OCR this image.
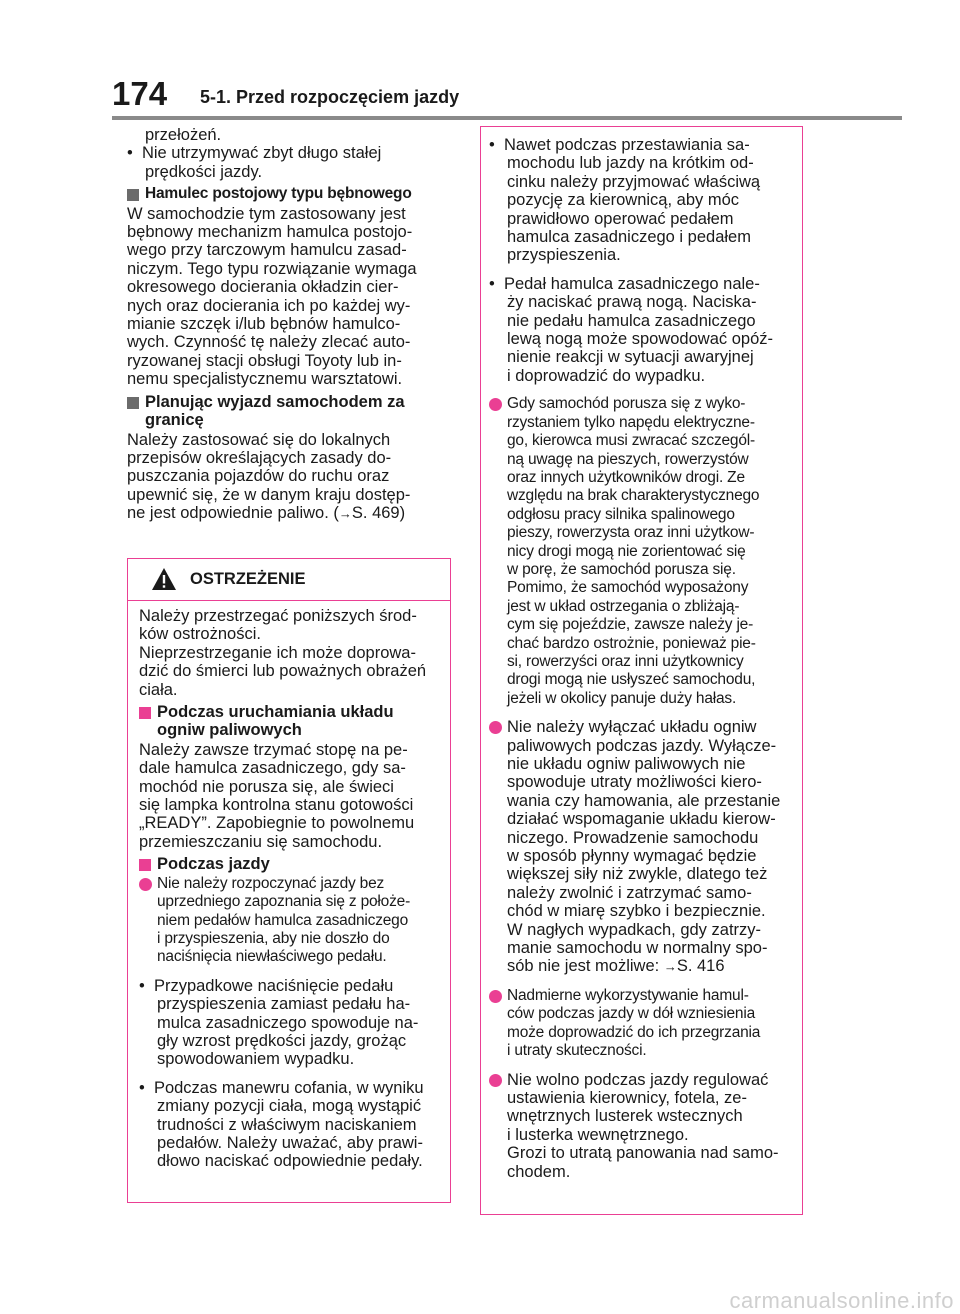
174 5-1. Przed rozpoczęciem jazdy
przełożeń.
•  Nie utrzymywać zbyt długo stałej
prędkości jazdy.
Hamulec postojowy typu bębnowego
W samochodzie tym zastosowany jest
bębnowy mechanizm hamulca postojo-
wego przy tarczowym hamulcu zasad-
niczym. Tego typu rozwiązanie wymaga
okresowego docierania okładzin cier-
nych oraz docierania ich po każdej wy-
mianie szczęk i/lub bębnów hamulco-
wych. Czynność tę należy zlecać auto-
ryzowanej stacji obsługi Toyoty lub in-
nemu specjalistycznemu warsztatowi.
Planując wyjazd samochodem za
granicę
Należy zastosować się do lokalnych
przepisów określających zasady do-
puszczania pojazdów do ruchu oraz
upewnić się, że w danym kraju dostęp-
ne jest odpowiednie paliwo. (→S. 469)
OSTRZEŻENIE
Należy przestrzegać poniższych środ-
ków ostrożności.
Nieprzestrzeganie ich może doprowa-
dzić do śmierci lub poważnych obrażeń
ciała.
Podczas uruchamiania układu
ogniw paliwowych
Należy zawsze trzymać stopę na pe-
dale hamulca zasadniczego, gdy sa-
mochód nie porusza się, ale świeci
się lampka kontrolna stanu gotowości
„READY”. Zapobiegnie to powolnemu
przemieszczaniu się samochodu.
Podczas jazdy
Nie należy rozpoczynać jazdy bez
uprzedniego zapoznania się z położe-
niem pedałów hamulca zasadniczego
i przyspieszenia, aby nie doszło do
naciśnięcia niewłaściwego pedału.
•  Przypadkowe naciśnięcie pedału
przyspieszenia zamiast pedału ha-
mulca zasadniczego spowoduje na-
gły wzrost prędkości jazdy, grożąc
spowodowaniem wypadku.
•  Podczas manewru cofania, w wyniku
zmiany pozycji ciała, mogą wystąpić
trudności z właściwym naciskaniem
pedałów. Należy uważać, aby prawi-
dłowo naciskać odpowiednie pedały.
•  Nawet podczas przestawiania sa-
mochodu lub jazdy na krótkim od-
cinku należy przyjmować właściwą
pozycję za kierownicą, aby móc
prawidłowo operować pedałem
hamulca zasadniczego i pedałem
przyspieszenia.
•  Pedał hamulca zasadniczego nale-
ży naciskać prawą nogą. Naciska-
nie pedału hamulca zasadniczego
lewą nogą może spowodować opóź-
nienie reakcji w sytuacji awaryjnej
i doprowadzić do wypadku.
Gdy samochód porusza się z wyko-
rzystaniem tylko napędu elektryczne-
go, kierowca musi zwracać szczegól-
ną uwagę na pieszych, rowerzystów
oraz innych użytkowników drogi. Ze
względu na brak charakterystycznego
odgłosu pracy silnika spalinowego
pieszy, rowerzysta oraz inni użytkow-
nicy drogi mogą nie zorientować się
w porę, że samochód porusza się.
Pomimo, że samochód wyposażony
jest w układ ostrzegania o zbliżają-
cym się pojeździe, zawsze należy je-
chać bardzo ostrożnie, ponieważ pie-
si, rowerzyści oraz inni użytkownicy
drogi mogą nie usłyszeć samochodu,
jeżeli w okolicy panuje duży hałas.
Nie należy wyłączać układu ogniw
paliwowych podczas jazdy. Wyłącze-
nie układu ogniw paliwowych nie
spowoduje utraty możliwości kiero-
wania czy hamowania, ale przestanie
działać wspomaganie układu kierow-
niczego. Prowadzenie samochodu
w sposób płynny wymagać będzie
większej siły niż zwykle, dlatego też
należy zwolnić i zatrzymać samo-
chód w miarę szybko i bezpiecznie.
W nagłych wypadkach, gdy zatrzy-
manie samochodu w normalny spo-
sób nie jest możliwe: →S. 416
Nadmierne wykorzystywanie hamul-
ców podczas jazdy w dół wzniesienia
może doprowadzić do ich przegrzania
i utraty skuteczności.
Nie wolno podczas jazdy regulować
ustawienia kierownicy, fotela, ze-
wnętrznych lusterek wstecznych
i lusterka wewnętrznego.
Grozi to utratą panowania nad samo-
chodem.
carmanualsonline.info
